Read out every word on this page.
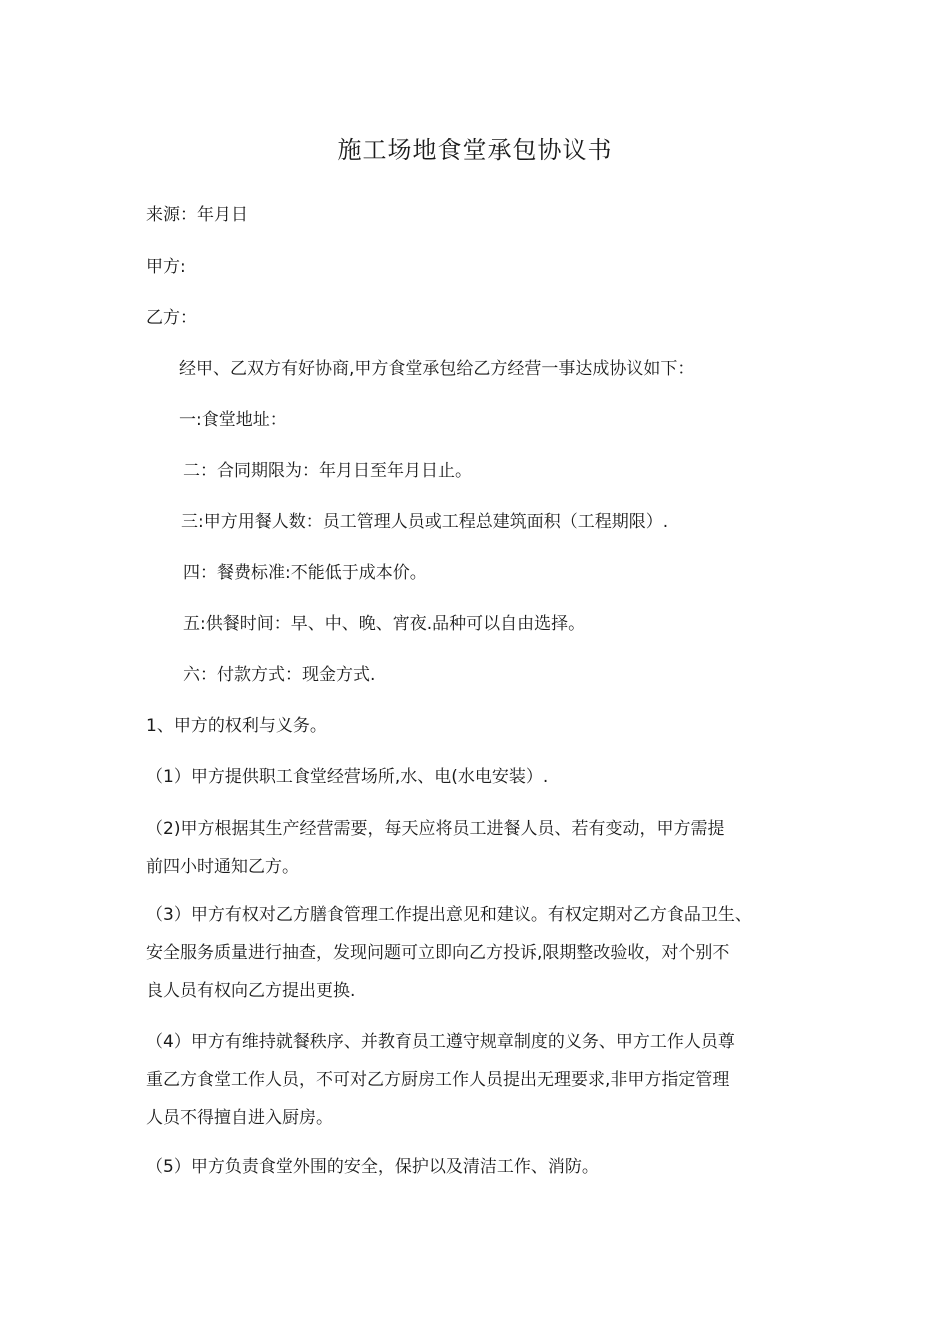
施工场地食堂承包协议书
来源：年月日
甲方:
乙方：
经甲、乙双方有好协商,甲方食堂承包给乙方经营一事达成协议如下：
一:食堂地址：
二：合同期限为：年月日至年月日止。
三:甲方用餐人数：员工管理人员或工程总建筑面积（工程期限）.
四：餐费标准:不能低于成本价。
五:供餐时间：早、中、晚、宵夜.品种可以自由选择。
六：付款方式：现金方式.
1、甲方的权利与义务。
（1）甲方提供职工食堂经营场所,水、电(水电安装）.

（2)甲方根据其生产经营需要，每天应将员工进餐人员、若有变动，甲方需提

前四小时通知乙方。

（3）甲方有权对乙方膳食管理工作提出意见和建议。有权定期对乙方食品卫生、

安全服务质量进行抽查，发现问题可立即向乙方投诉,限期整改验收，对个别不

良人员有权向乙方提出更换.

（4）甲方有维持就餐秩序、并教育员工遵守规章制度的义务、甲方工作人员尊

重乙方食堂工作人员，不可对乙方厨房工作人员提出无理要求,非甲方指定管理

人员不得擅自进入厨房。

（5）甲方负责食堂外围的安全，保护以及清洁工作、消防。
